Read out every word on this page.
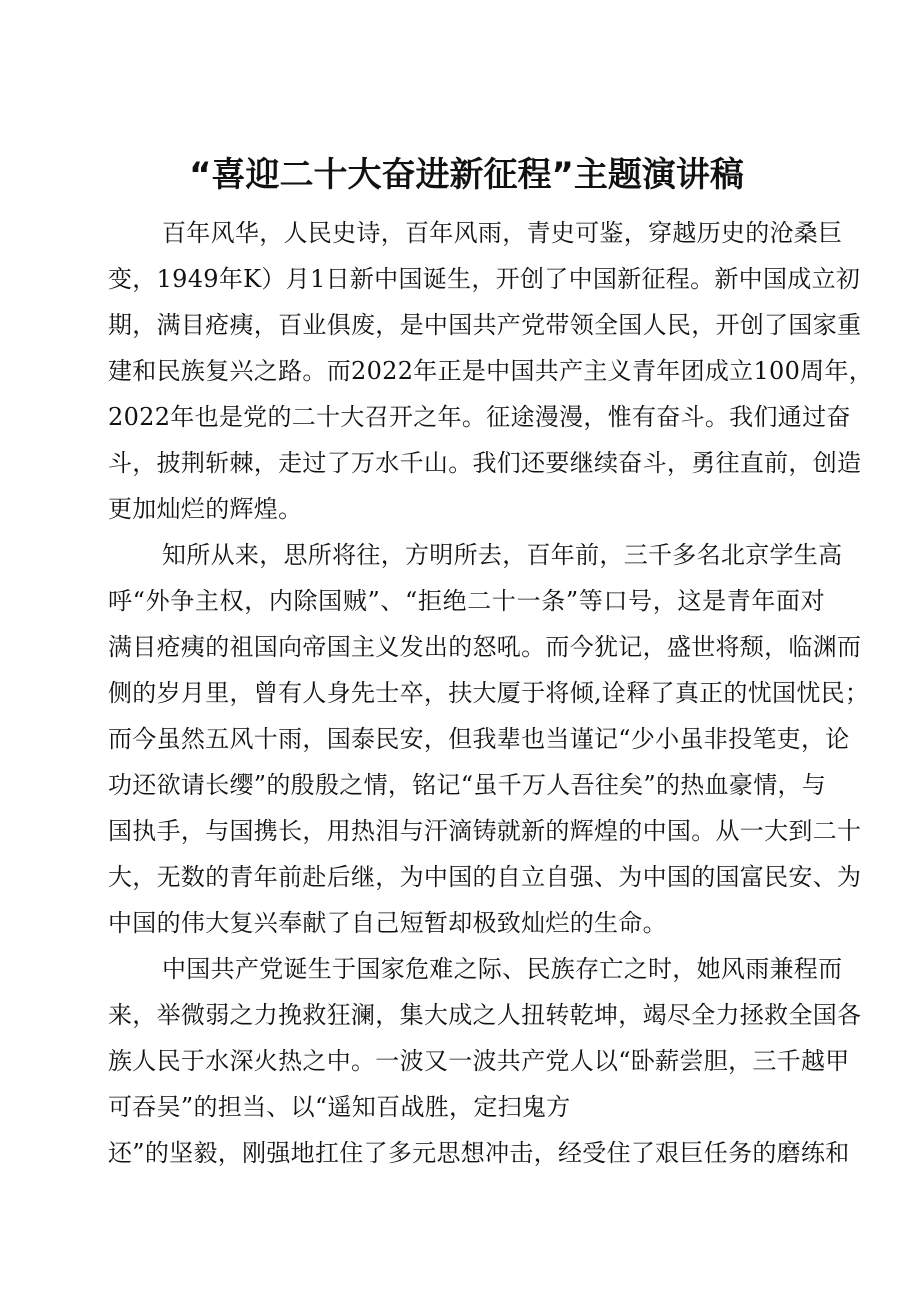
“喜迎二十大奋进新征程”主题演讲稿
百年风华，人民史诗，百年风雨，青史可鉴，穿越历史的沧桑巨
变，1949年K）月1日新中国诞生，开创了中国新征程。新中国成立初
期，满目疮痍，百业俱废，是中国共产党带领全国人民，开创了国家重
建和民族复兴之路。而2022年正是中国共产主义青年团成立100周年，
2022年也是党的二十大召开之年。征途漫漫，惟有奋斗。我们通过奋
斗，披荆斩棘，走过了万水千山。我们还要继续奋斗，勇往直前，创造
更加灿烂的辉煌。
知所从来，思所将往，方明所去，百年前，三千多名北京学生高
呼“外争主权，内除国贼”、“拒绝二十一条”等口号，这是青年面对
满目疮痍的祖国向帝国主义发出的怒吼。而今犹记，盛世将颓，临渊而
侧的岁月里，曾有人身先士卒，扶大厦于将倾,诠释了真正的忧国忧民；
而今虽然五风十雨，国泰民安，但我辈也当谨记“少小虽非投笔吏，论
功还欲请长缨”的殷殷之情，铭记“虽千万人吾往矣”的热血豪情，与
国执手，与国携长，用热泪与汗滴铸就新的辉煌的中国。从一大到二十
大，无数的青年前赴后继，为中国的自立自强、为中国的国富民安、为
中国的伟大复兴奉献了自己短暂却极致灿烂的生命。
中国共产党诞生于国家危难之际、民族存亡之时，她风雨兼程而
来，举微弱之力挽救狂澜，集大成之人扭转乾坤，竭尽全力拯救全国各
族人民于水深火热之中。一波又一波共产党人以“卧薪尝胆，三千越甲
可吞吴”的担当、以“遥知百战胜，定扫鬼方
还”的坚毅，刚强地扛住了多元思想冲击，经受住了艰巨任务的磨练和
